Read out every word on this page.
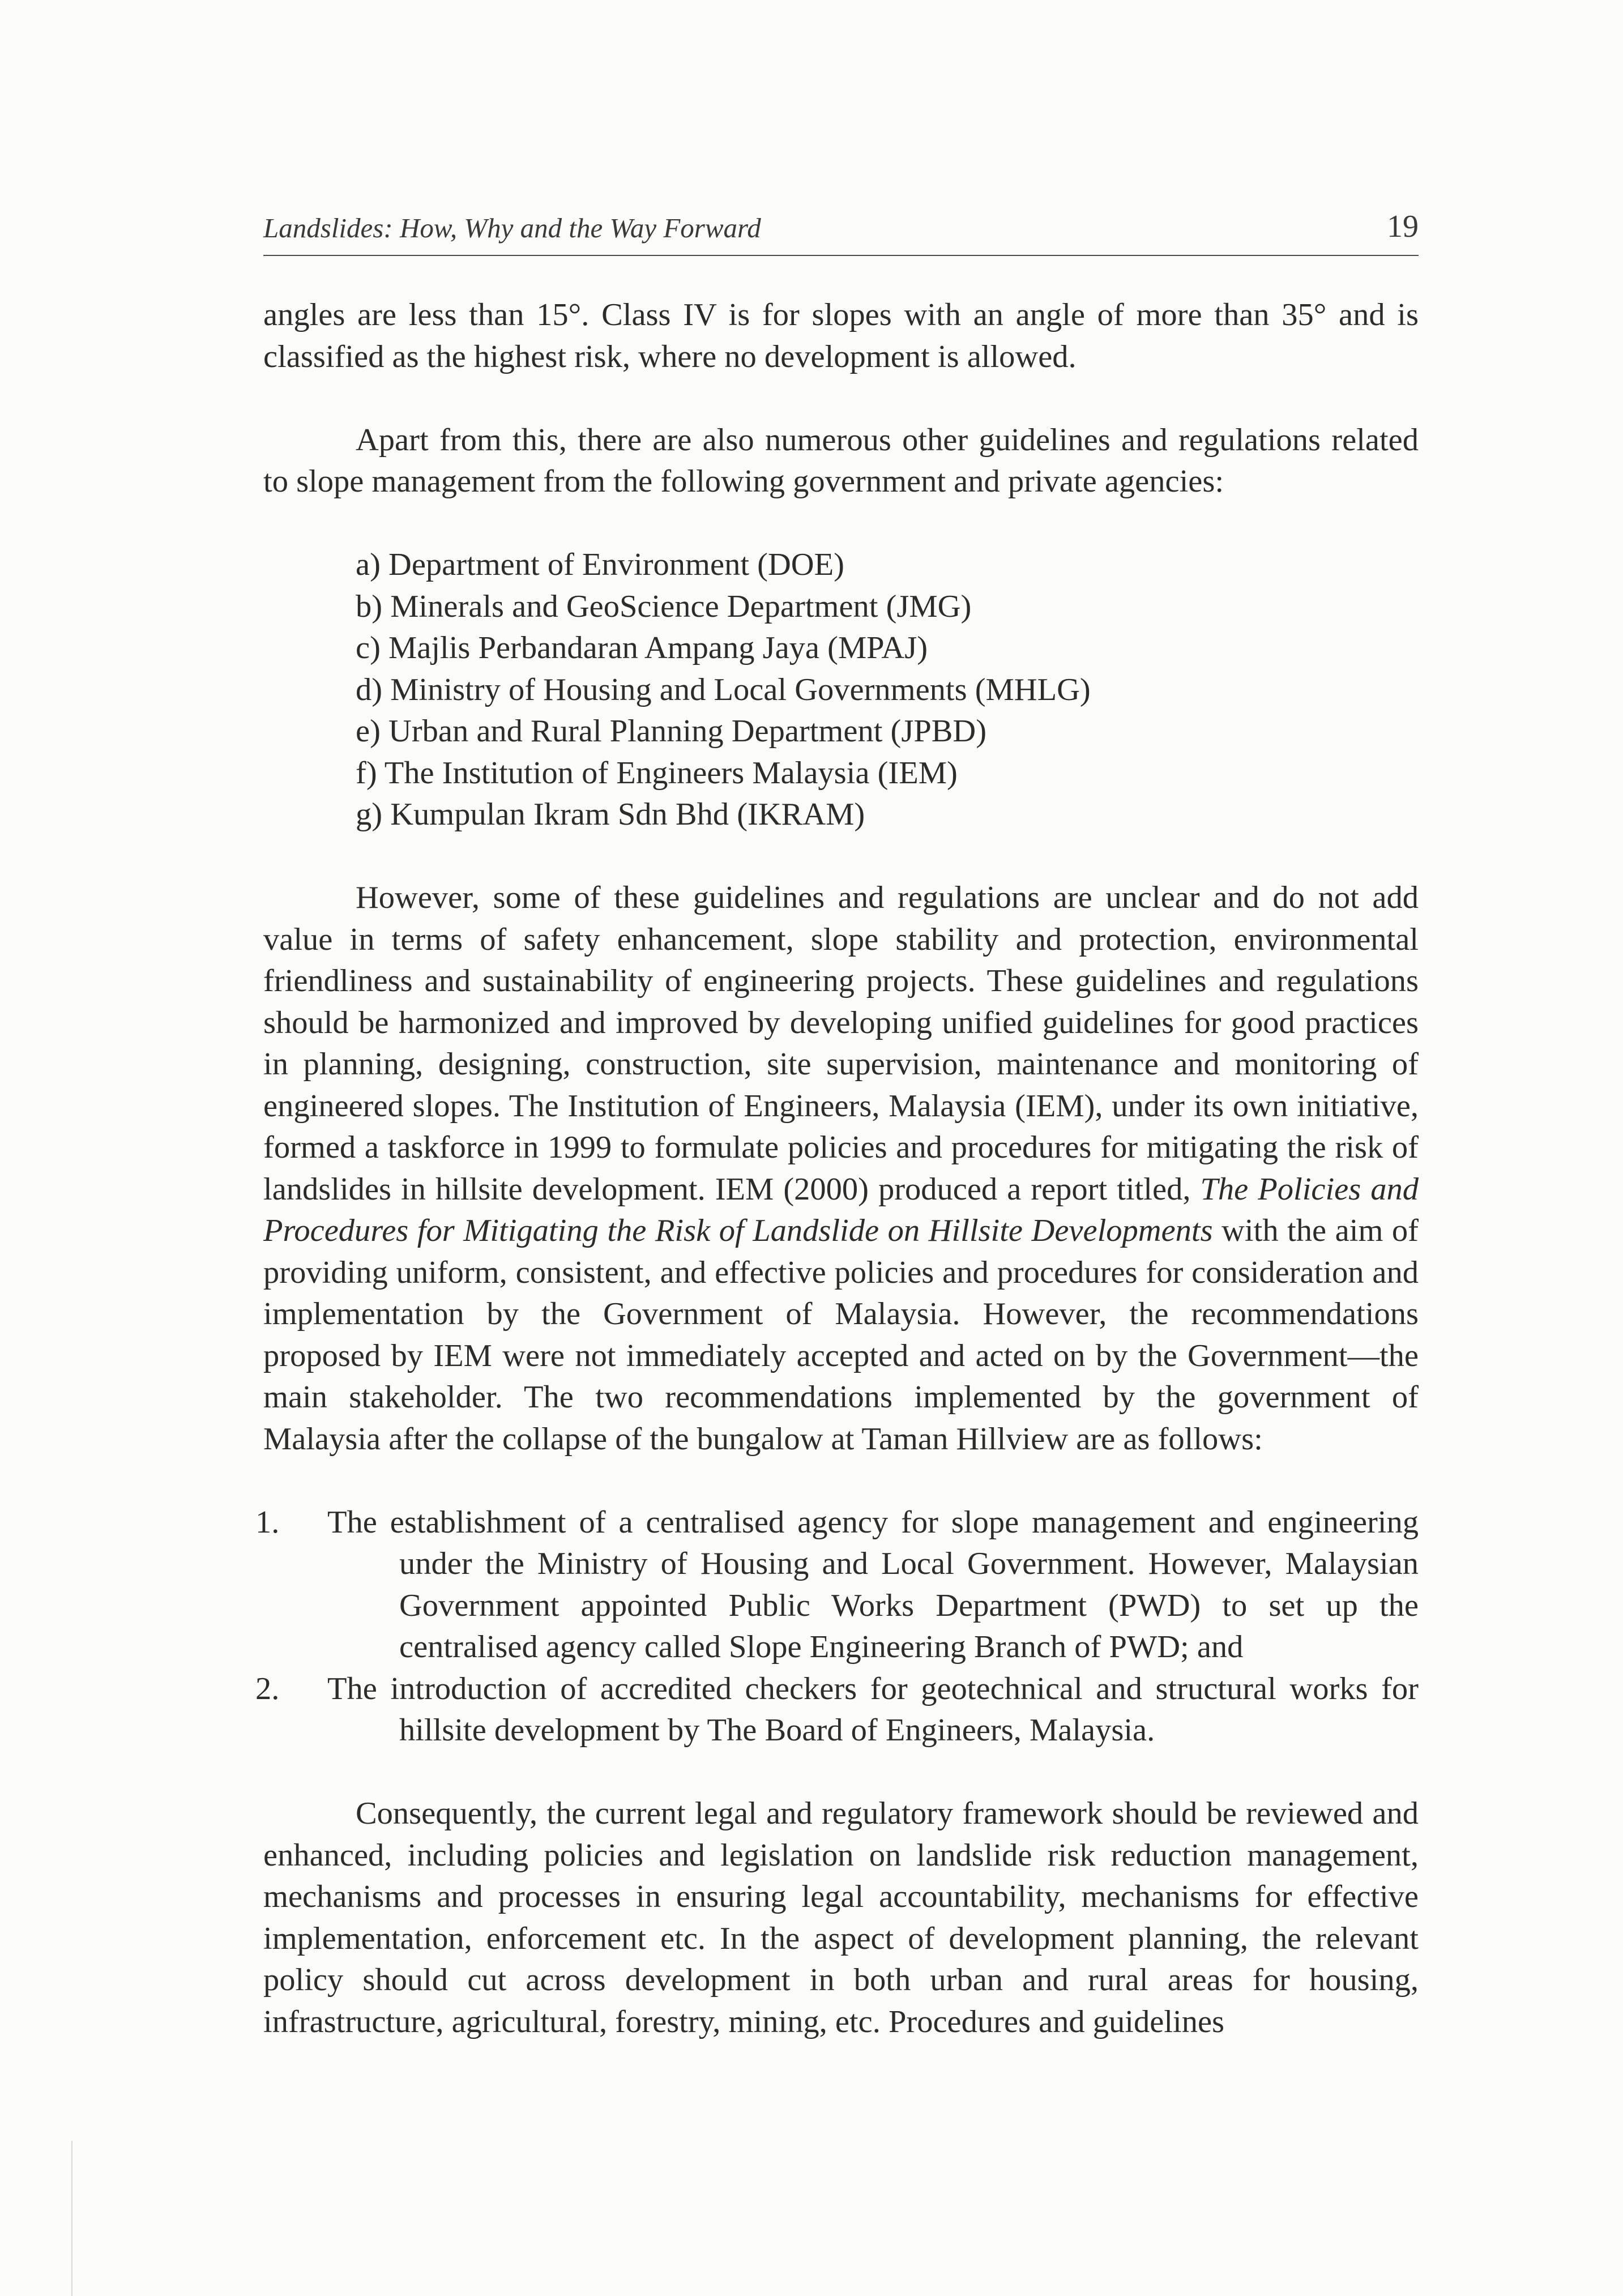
Landslides: How, Why and the Way Forward	19

angles are less than 15°. Class IV is for slopes with an angle of more than 35° and is classified as the highest risk, where no development is allowed.

Apart from this, there are also numerous other guidelines and regulations related to slope management from the following government and private agencies:

a) Department of Environment (DOE)
b) Minerals and GeoScience Department (JMG)
c) Majlis Perbandaran Ampang Jaya (MPAJ)
d) Ministry of Housing and Local Governments (MHLG)
e) Urban and Rural Planning Department (JPBD)
f) The Institution of Engineers Malaysia (IEM)
g) Kumpulan Ikram Sdn Bhd (IKRAM)

However, some of these guidelines and regulations are unclear and do not add value in terms of safety enhancement, slope stability and protection, environmental friendliness and sustainability of engineering projects. These guidelines and regulations should be harmonized and improved by developing unified guidelines for good practices in planning, designing, construction, site supervision, maintenance and monitoring of engineered slopes. The Institution of Engineers, Malaysia (IEM), under its own initiative, formed a taskforce in 1999 to formulate policies and procedures for mitigating the risk of landslides in hillsite development. IEM (2000) produced a report titled, The Policies and Procedures for Mitigating the Risk of Landslide on Hillsite Developments with the aim of providing uniform, consistent, and effective policies and procedures for consideration and implementation by the Government of Malaysia. However, the recommendations proposed by IEM were not immediately accepted and acted on by the Government—the main stakeholder. The two recommendations implemented by the government of Malaysia after the collapse of the bungalow at Taman Hillview are as follows:

1. The establishment of a centralised agency for slope management and engineering under the Ministry of Housing and Local Government. However, Malaysian Government appointed Public Works Department (PWD) to set up the centralised agency called Slope Engineering Branch of PWD; and
2. The introduction of accredited checkers for geotechnical and structural works for hillsite development by The Board of Engineers, Malaysia.

Consequently, the current legal and regulatory framework should be reviewed and enhanced, including policies and legislation on landslide risk reduction management, mechanisms and processes in ensuring legal accountability, mechanisms for effective implementation, enforcement etc. In the aspect of development planning, the relevant policy should cut across development in both urban and rural areas for housing, infrastructure, agricultural, forestry, mining, etc. Procedures and guidelines
